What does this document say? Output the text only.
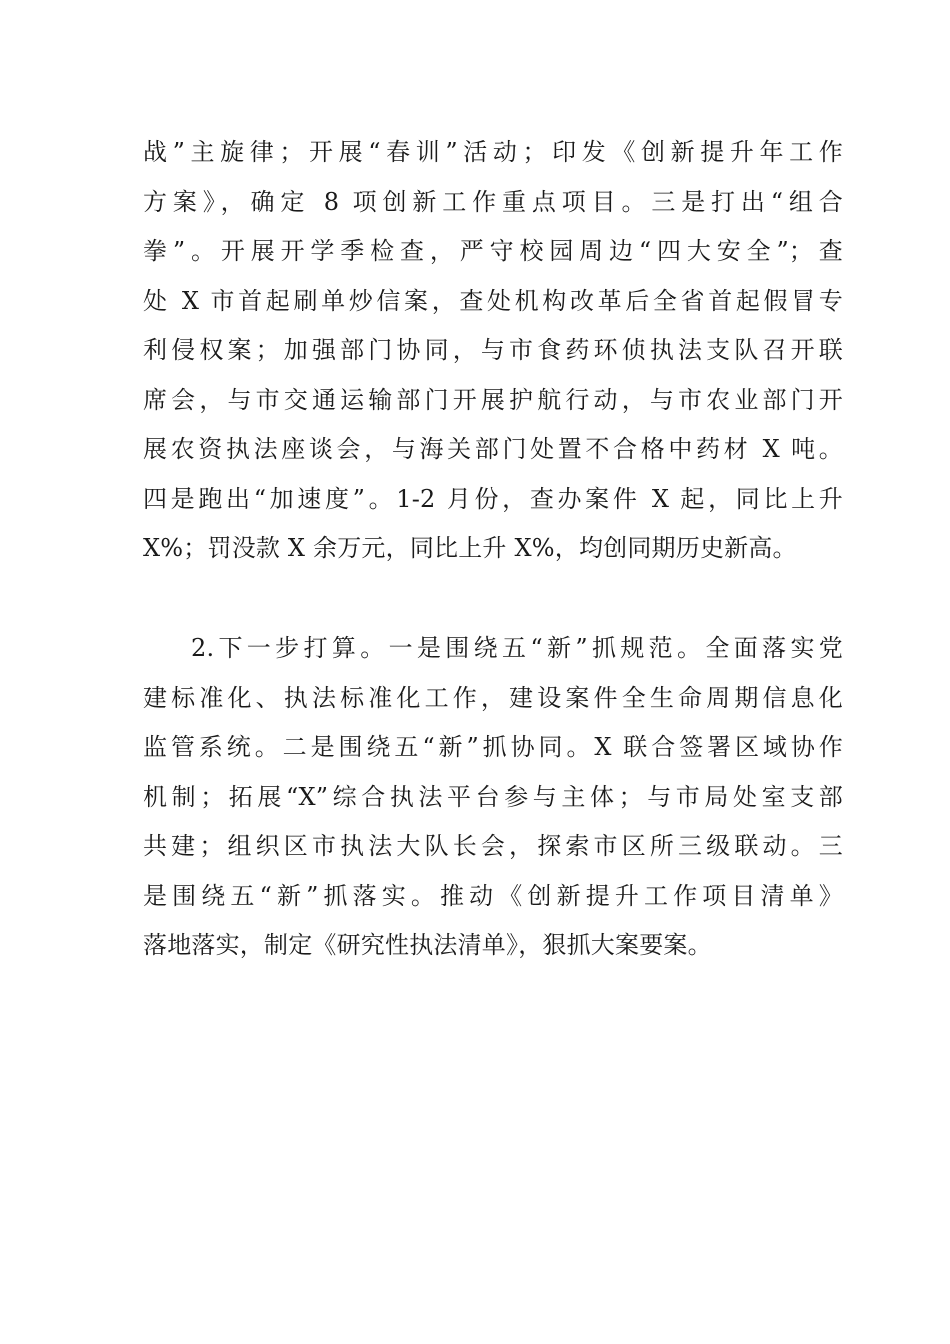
战”主旋律；开展“春训”活动；印发《创新提升年工作
方案》，确定 8 项创新工作重点项目。三是打出“组合
拳”。开展开学季检查，严守校园周边“四大安全”；查
处 X 市首起刷单炒信案，查处机构改革后全省首起假冒专
利侵权案；加强部门协同，与市食药环侦执法支队召开联
席会，与市交通运输部门开展护航行动，与市农业部门开
展农资执法座谈会，与海关部门处置不合格中药材 X 吨。
四是跑出“加速度”。1-2 月份，查办案件 X 起，同比上升
X%；罚没款 X 余万元，同比上升 X%，均创同期历史新高。
2.下一步打算。一是围绕五“新”抓规范。全面落实党
建标准化、执法标准化工作，建设案件全生命周期信息化
监管系统。二是围绕五“新”抓协同。X 联合签署区域协作
机制；拓展“X”综合执法平台参与主体；与市局处室支部
共建；组织区市执法大队长会，探索市区所三级联动。三
是围绕五“新”抓落实。推动《创新提升工作项目清单》
落地落实，制定《研究性执法清单》，狠抓大案要案。
